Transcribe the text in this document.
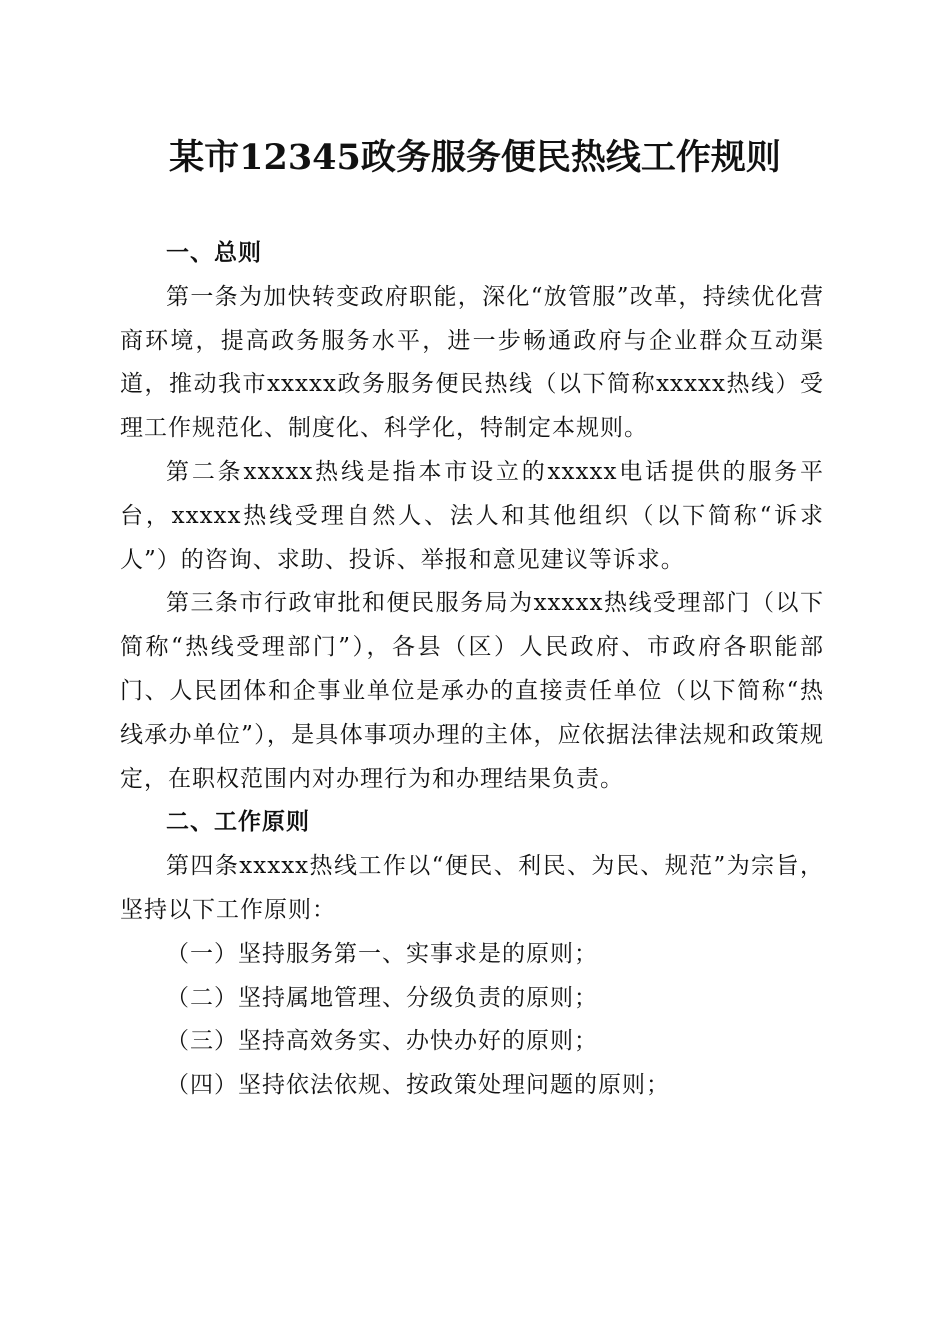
某市12345政务服务便民热线工作规则
一、总则

第一条为加快转变政府职能，深化“放管服”改革，持续优化营商环境，提高政务服务水平，进一步畅通政府与企业群众互动渠道，推动我市xxxxx政务服务便民热线（以下简称xxxxx热线）受理工作规范化、制度化、科学化，特制定本规则。

第二条xxxxx热线是指本市设立的xxxxx电话提供的服务平台，xxxxx热线受理自然人、法人和其他组织（以下简称“诉求人”）的咨询、求助、投诉、举报和意见建议等诉求。

第三条市行政审批和便民服务局为xxxxx热线受理部门（以下简称“热线受理部门”），各县（区）人民政府、市政府各职能部门、人民团体和企事业单位是承办的直接责任单位（以下简称“热线承办单位”），是具体事项办理的主体，应依据法律法规和政策规定，在职权范围内对办理行为和办理结果负责。

二、工作原则

第四条xxxxx热线工作以“便民、利民、为民、规范”为宗旨，坚持以下工作原则：

（一）坚持服务第一、实事求是的原则；

（二）坚持属地管理、分级负责的原则；

（三）坚持高效务实、办快办好的原则；

（四）坚持依法依规、按政策处理问题的原则；
